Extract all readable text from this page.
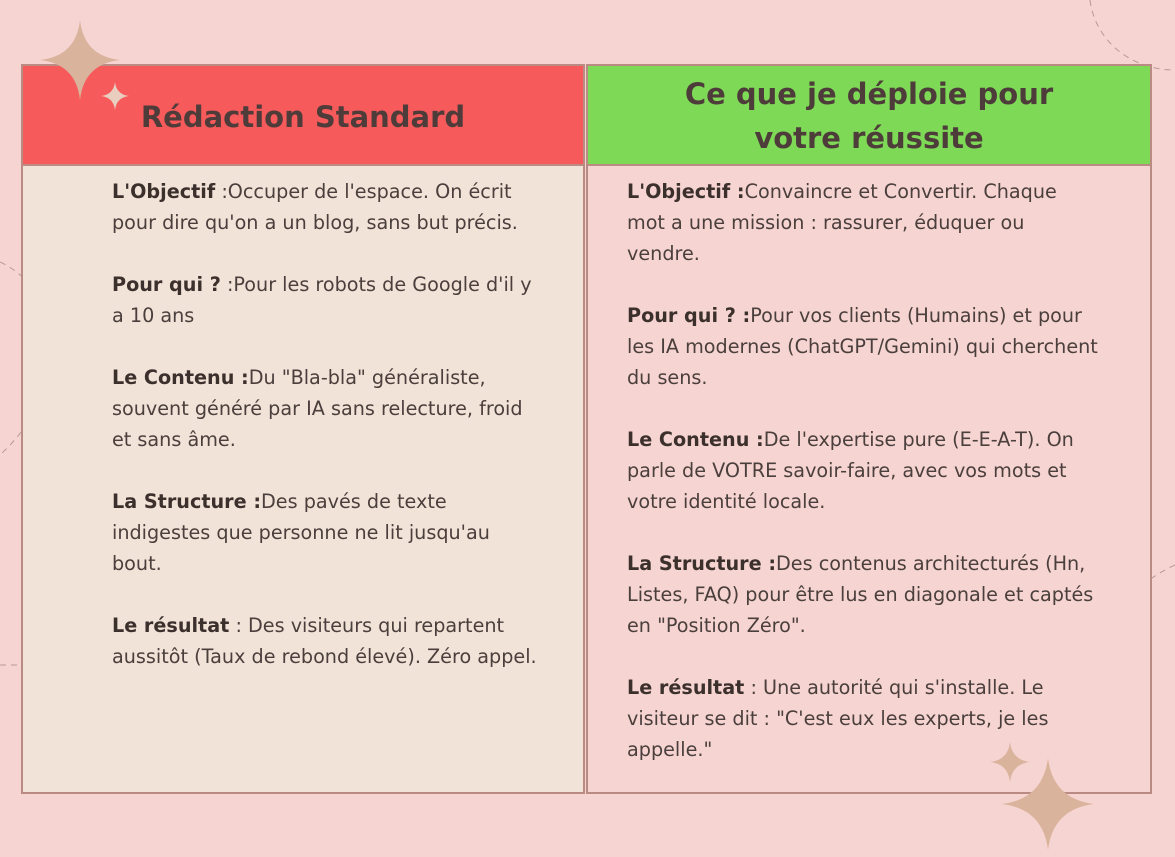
Rédaction Standard
L'Objectif :Occuper de l'espace. On écrit pour dire qu'on a un blog, sans but précis.
Pour qui ? :Pour les robots de Google d'il y a 10 ans
Le Contenu :Du "Bla-bla" généraliste, souvent généré par IA sans relecture, froid et sans âme.
La Structure :Des pavés de texte indigestes que personne ne lit jusqu'au bout.
Le résultat : Des visiteurs qui repartent aussitôt (Taux de rebond élevé). Zéro appel.
Ce que je déploie pour
votre réussite
L'Objectif :Convaincre et Convertir. Chaque mot a une mission : rassurer, éduquer ou vendre.
Pour qui ? :Pour vos clients (Humains) et pour les IA modernes (ChatGPT/Gemini) qui cherchent du sens.
Le Contenu :De l'expertise pure (E-E-A-T). On parle de VOTRE savoir-faire, avec vos mots et votre identité locale.
La Structure :Des contenus architecturés (Hn, Listes, FAQ) pour être lus en diagonale et captés en "Position Zéro".
Le résultat : Une autorité qui s'installe. Le visiteur se dit : "C'est eux les experts, je les appelle."
